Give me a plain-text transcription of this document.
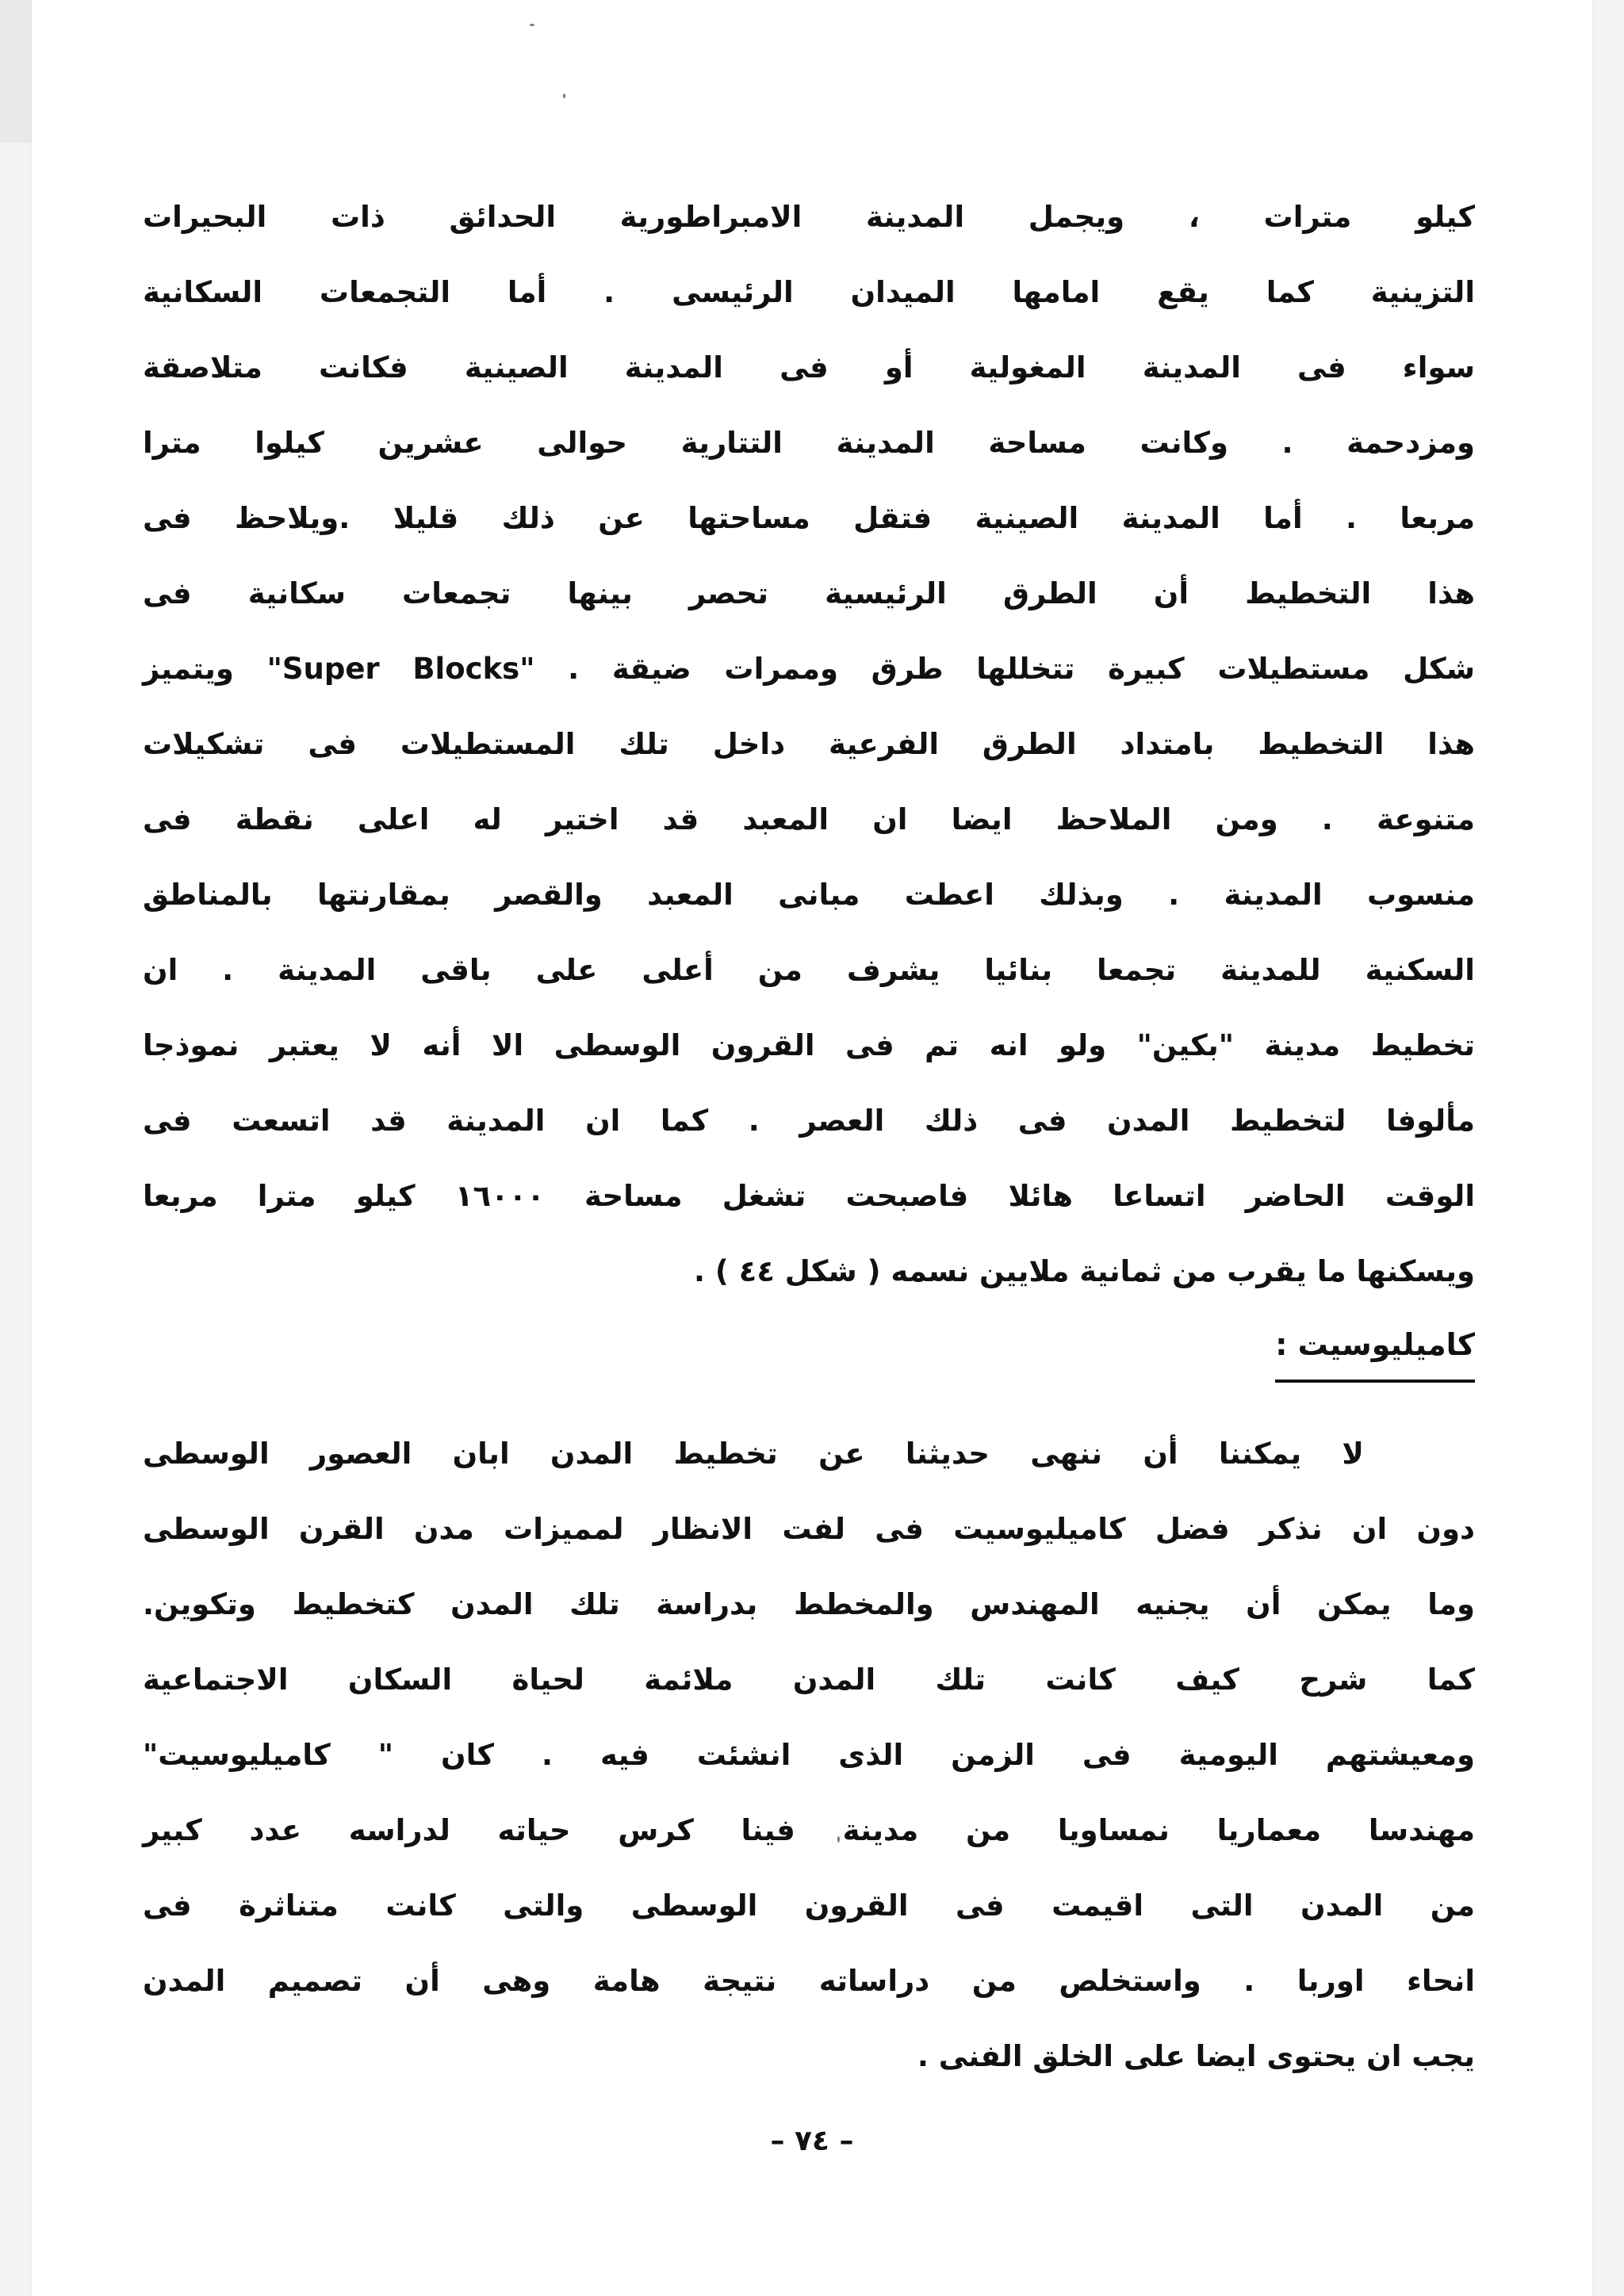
كيلو مترات ، ويجمل المدينة الامبراطورية الحدائق ذات البحيرات
التزينية كما يقع امامها الميدان الرئيسى . أما التجمعات السكانية
سواء فى المدينة المغولية أو فى المدينة الصينية فكانت متلاصقة
ومزدحمة . وكانت مساحة المدينة التتارية حوالى عشرين كيلوا مترا
مربعا . أما المدينة الصينية فتقل مساحتها عن ذلك قليلا .ويلاحظ فى
هذا التخطيط أن الطرق الرئيسية تحصر بينها تجمعات سكانية فى
شكل مستطيلات كبيرة تتخللها طرق وممرات ضيقة . "Super Blocks" ويتميز
هذا التخطيط بامتداد الطرق الفرعية داخل تلك المستطيلات فى تشكيلات
متنوعة . ومن الملاحظ ايضا ان المعبد قد اختير له اعلى نقطة فى
منسوب المدينة . وبذلك اعطت مبانى المعبد والقصر بمقارنتها بالمناطق
السكنية للمدينة تجمعا بنائيا يشرف من أعلى على باقى المدينة . ان
تخطيط مدينة "بكين" ولو انه تم فى القرون الوسطى الا أنه لا يعتبر نموذجا
مألوفا لتخطيط المدن فى ذلك العصر . كما ان المدينة قد اتسعت فى
الوقت الحاضر اتساعا هائلا فاصبحت تشغل مساحة ١٦٠٠٠ كيلو مترا مربعا
ويسكنها ما يقرب من ثمانية ملايين نسمه ( شكل ٤٤ ) .
كاميليوسيت :
لا يمكننا أن ننهى حديثنا عن تخطيط المدن ابان العصور الوسطى
دون ان نذكر فضل كاميليوسيت فى لفت الانظار لمميزات مدن القرن الوسطى
وما يمكن أن يجنيه المهندس والمخطط بدراسة تلك المدن كتخطيط وتكوين.
كما شرح كيف كانت تلك المدن ملائمة لحياة السكان الاجتماعية
ومعيشتهم اليومية فى الزمن الذى انشئت فيه . كان " كاميليوسيت"
مهندسا معماريا نمساويا من مدينة فينا كرس حياته لدراسه عدد كبير
من المدن التى اقيمت فى القرون الوسطى والتى كانت متناثرة فى
انحاء اوربا . واستخلص من دراساته نتيجة هامة وهى أن تصميم المدن
يجب ان يحتوى ايضا على الخلق الفنى .
– ٧٤ –
